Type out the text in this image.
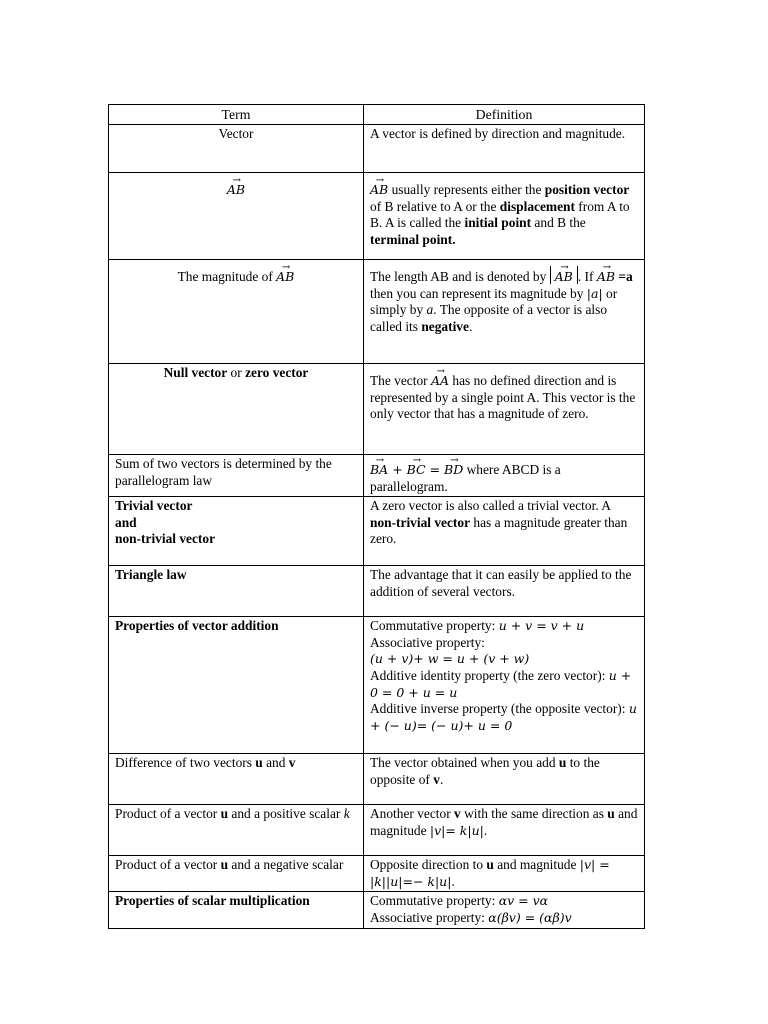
Term	Definition
Vector	A vector is defined by direction and magnitude.
→ AB	→ AB usually represents either the position vector of B relative to A or the displacement from A to B. A is called the initial point and B the terminal point.
The magnitude of → AB	The length AB and is denoted by → AB . If → AB =a then you can represent its magnitude by |a| or simply by a. The opposite of a vector is also called its negative.
Null vector or zero vector	The vector → AA has no defined direction and is represented by a single point A. This vector is the only vector that has a magnitude of zero.
Sum of two vectors is determined by the parallelogram law	→ BA + → BC = → BD where ABCD is a parallelogram.

Trivial vector
and
non-trivial vector	A zero vector is also called a trivial vector. A non-trivial vector has a magnitude greater than zero.
Triangle law	The advantage that it can easily be applied to the addition of several vectors.
Properties of vector addition	Commutative property: u + v = v + u
Associative property:
(u + v)+ w = u + (v + w)
Additive identity property (the zero vector): u + 0 = 0 + u = u
Additive inverse property (the opposite vector): u + (− u)= (− u)+ u = 0

Difference of two vectors u and v	The vector obtained when you add u to the opposite of v.
Product of a vector u and a positive scalar k	Another vector v with the same direction as u and magnitude |v|= k|u|.
Product of a vector u and a negative scalar	Opposite direction to u and magnitude |v| = |k||u|=− k|u|.
Properties of scalar multiplication	Commutative property: αv = vα
Associative property: α(βv) = (αβ)v
